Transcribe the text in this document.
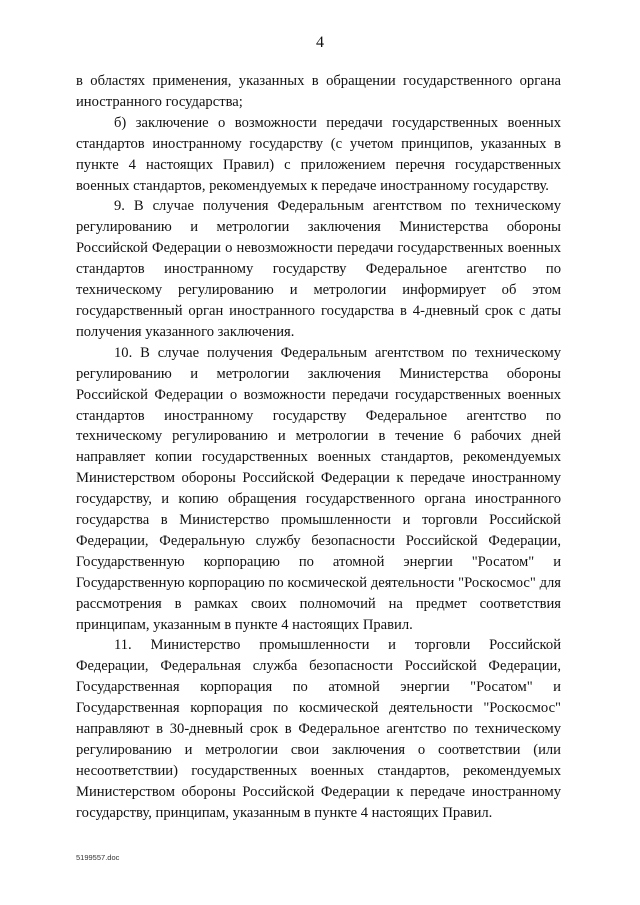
4

в областях применения, указанных в обращении государственного органа иностранного государства;

б) заключение о возможности передачи государственных военных стандартов иностранному государству (с учетом принципов, указанных в пункте 4 настоящих Правил) с приложением перечня государственных военных стандартов, рекомендуемых к передаче иностранному государству.

9. В случае получения Федеральным агентством по техническому регулированию и метрологии заключения Министерства обороны Российской Федерации о невозможности передачи государственных военных стандартов иностранному государству Федеральное агентство по техническому регулированию и метрологии информирует об этом государственный орган иностранного государства в 4-дневный срок с даты получения указанного заключения.

10. В случае получения Федеральным агентством по техническому регулированию и метрологии заключения Министерства обороны Российской Федерации о возможности передачи государственных военных стандартов иностранному государству Федеральное агентство по техническому регулированию и метрологии в течение 6 рабочих дней направляет копии государственных военных стандартов, рекомендуемых Министерством обороны Российской Федерации к передаче иностранному государству, и копию обращения государственного органа иностранного государства в Министерство промышленности и торговли Российской Федерации, Федеральную службу безопасности Российской Федерации, Государственную корпорацию по атомной энергии "Росатом" и Государственную корпорацию по космической деятельности "Роскосмос" для рассмотрения в рамках своих полномочий на предмет соответствия принципам, указанным в пункте 4 настоящих Правил.

11. Министерство промышленности и торговли Российской Федерации, Федеральная служба безопасности Российской Федерации, Государственная корпорация по атомной энергии "Росатом" и Государственная корпорация по космической деятельности "Роскосмос" направляют в 30-дневный срок в Федеральное агентство по техническому регулированию и метрологии свои заключения о соответствии (или несоответствии) государственных военных стандартов, рекомендуемых Министерством обороны Российской Федерации к передаче иностранному государству, принципам, указанным в пункте 4 настоящих Правил.

5199557.doc
